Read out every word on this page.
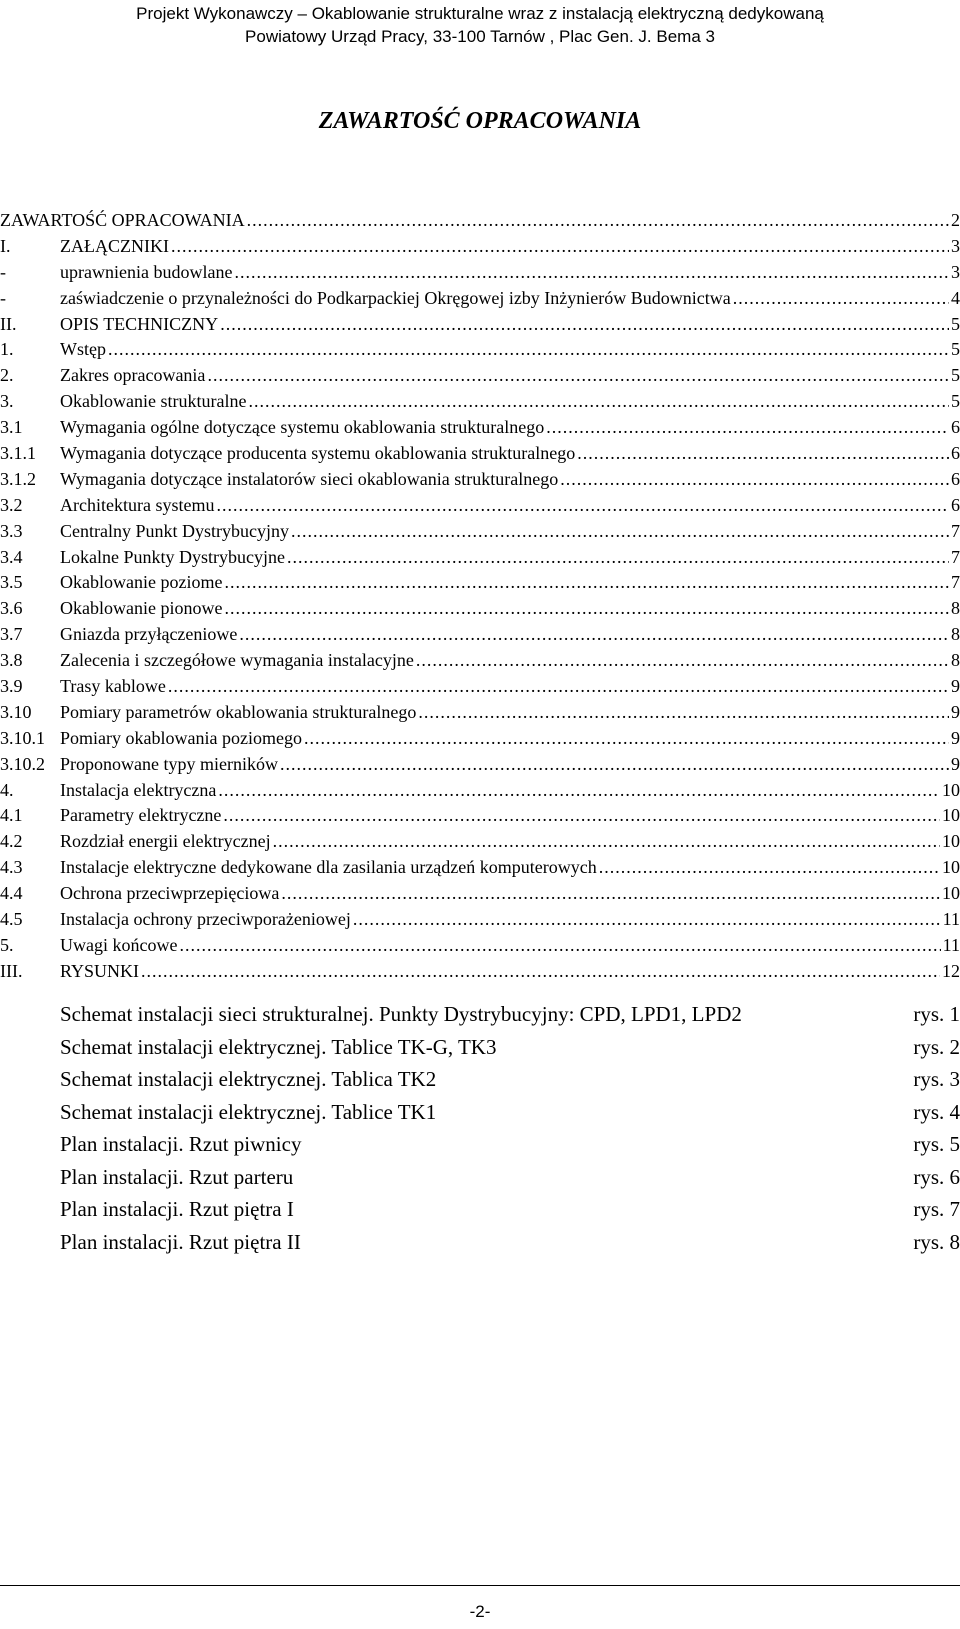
Projekt Wykonawczy – Okablowanie strukturalne wraz z instalacją elektryczną dedykowaną
Powiatowy Urząd Pracy, 33-100 Tarnów , Plac Gen. J. Bema 3
ZAWARTOŚĆ OPRACOWANIA
ZAWARTOŚĆ OPRACOWANIA .....	2
I.	ZAŁĄCZNIKI .....	3
-	uprawnienia budowlane .....	3
-	zaświadczenie o przynależności do Podkarpackiej Okręgowej izby Inżynierów Budownictwa .....	4
II.	OPIS TECHNICZNY .....	5
1.	Wstęp .....	5
2.	Zakres opracowania .....	5
3.	Okablowanie strukturalne .....	5
3.1	Wymagania ogólne dotyczące systemu okablowania strukturalnego .....	6
3.1.1	Wymagania dotyczące producenta systemu okablowania strukturalnego .....	6
3.1.2	Wymagania dotyczące instalatorów sieci okablowania strukturalnego .....	6
3.2	Architektura systemu .....	6
3.3	Centralny Punkt Dystrybucyjny .....	7
3.4	Lokalne Punkty Dystrybucyjne .....	7
3.5	Okablowanie poziome .....	7
3.6	Okablowanie pionowe .....	8
3.7	Gniazda przyłączeniowe .....	8
3.8	Zalecenia i szczegółowe wymagania instalacyjne .....	8
3.9	Trasy kablowe .....	9
3.10	Pomiary parametrów okablowania strukturalnego .....	9
3.10.1 Pomiary okablowania poziomego .....	9
3.10.2 Proponowane typy mierników .....	9
4.	Instalacja elektryczna .....	10
4.1	Parametry elektryczne .....	10
4.2	Rozdział energii elektrycznej .....	10
4.3	Instalacje elektryczne dedykowane dla zasilania urządzeń komputerowych .....	10
4.4	Ochrona przeciwprzepięciowa .....	10
4.5	Instalacja ochrony przeciwporażeniowej .....	11
5.	Uwagi końcowe .....	11
III.	RYSUNKI .....	12
Schemat instalacji sieci strukturalnej. Punkty Dystrybucyjny: CPD, LPD1, LPD2	rys. 1
Schemat instalacji elektrycznej. Tablice TK-G, TK3	rys. 2
Schemat instalacji elektrycznej. Tablica TK2	rys. 3
Schemat instalacji elektrycznej. Tablice TK1	rys. 4
Plan instalacji. Rzut piwnicy	rys. 5
Plan instalacji. Rzut parteru	rys. 6
Plan instalacji. Rzut piętra I	rys. 7
Plan instalacji. Rzut piętra II	rys. 8
-2-
